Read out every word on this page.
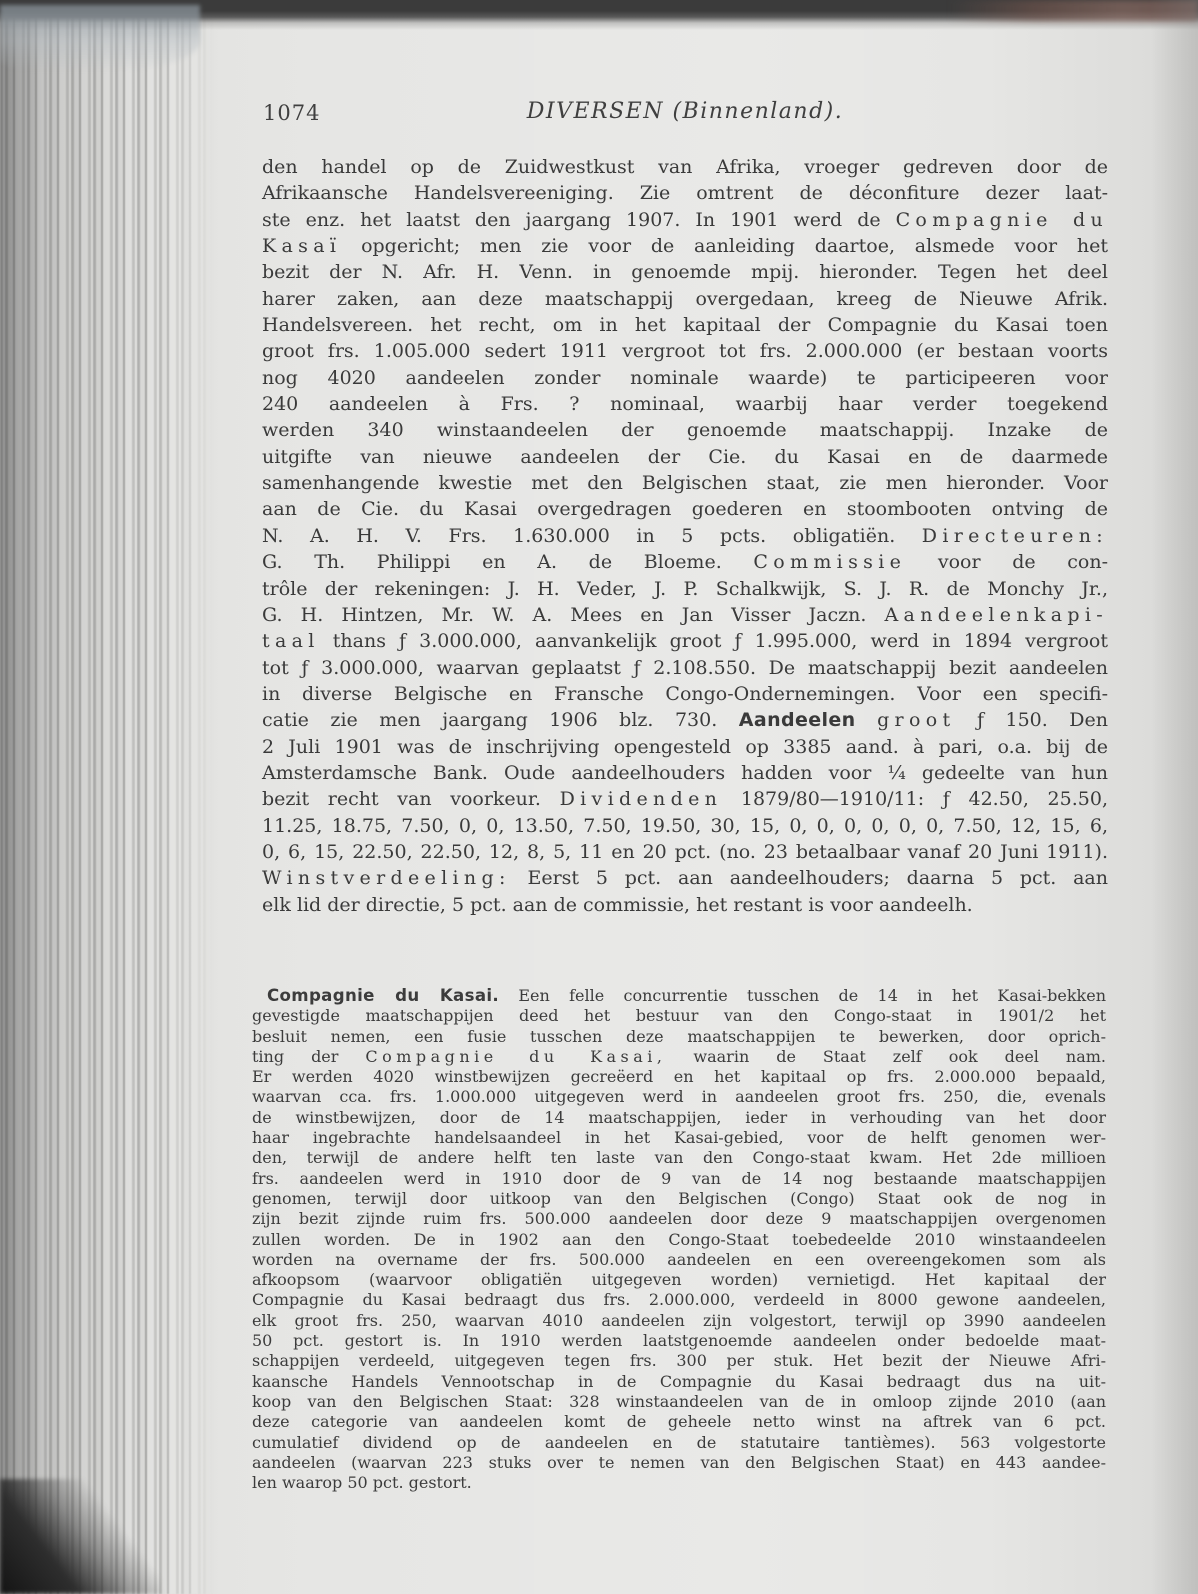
1074	DIVERSEN (Binnenland).
den handel op de Zuidwestkust van Afrika, vroeger gedreven door de
Afrikaansche Handelsvereeniging. Zie omtrent de déconfiture dezer laat-
ste enz. het laatst den jaargang 1907. In 1901 werd de Compagnie du
Kasaï opgericht; men zie voor de aanleiding daartoe, alsmede voor het
bezit der N. Afr. H. Venn. in genoemde mpij. hieronder. Tegen het deel
harer zaken, aan deze maatschappij overgedaan, kreeg de Nieuwe Afrik.
Handelsvereen. het recht, om in het kapitaal der Compagnie du Kasai toen
groot frs. 1.005.000 sedert 1911 vergroot tot frs. 2.000.000 (er bestaan voorts
nog 4020 aandeelen zonder nominale waarde) te participeeren voor
240 aandeelen à Frs. ? nominaal, waarbij haar verder toegekend
werden 340 winstaandeelen der genoemde maatschappij. Inzake de
uitgifte van nieuwe aandeelen der Cie. du Kasai en de daarmede
samenhangende kwestie met den Belgischen staat, zie men hieronder. Voor
aan de Cie. du Kasai overgedragen goederen en stoombooten ontving de
N. A. H. V. Frs. 1.630.000 in 5 pcts. obligatiën. Directeuren:
G. Th. Philippi en A. de Bloeme. Commissie voor de con-
trôle der rekeningen: J. H. Veder, J. P. Schalkwijk, S. J. R. de Monchy Jr.,
G. H. Hintzen, Mr. W. A. Mees en Jan Visser Jaczn. Aandeelenkapi-
taal thans ƒ 3.000.000, aanvankelijk groot ƒ 1.995.000, werd in 1894 vergroot
tot ƒ 3.000.000, waarvan geplaatst ƒ 2.108.550. De maatschappij bezit aandeelen
in diverse Belgische en Fransche Congo-Ondernemingen. Voor een specifi-
catie zie men jaargang 1906 blz. 730. Aandeelen groot ƒ 150. Den
2 Juli 1901 was de inschrijving opengesteld op 3385 aand. à pari, o.a. bij de
Amsterdamsche Bank. Oude aandeelhouders hadden voor ¼ gedeelte van hun
bezit recht van voorkeur. Dividenden 1879/80—1910/11: ƒ 42.50, 25.50,
11.25, 18.75, 7.50, 0, 0, 13.50, 7.50, 19.50, 30, 15, 0, 0, 0, 0, 0, 0, 7.50, 12, 15, 6,
0, 6, 15, 22.50, 22.50, 12, 8, 5, 11 en 20 pct. (no. 23 betaalbaar vanaf 20 Juni 1911).
Winstverdeeling: Eerst 5 pct. aan aandeelhouders; daarna 5 pct. aan
elk lid der directie, 5 pct. aan de commissie, het restant is voor aandeelh.
Compagnie du Kasai. Een felle concurrentie tusschen de 14 in het Kasai-bekken
gevestigde maatschappijen deed het bestuur van den Congo-staat in 1901/2 het
besluit nemen, een fusie tusschen deze maatschappijen te bewerken, door oprich-
ting der Compagnie du Kasai, waarin de Staat zelf ook deel nam.
Er werden 4020 winstbewijzen gecreëerd en het kapitaal op frs. 2.000.000 bepaald,
waarvan cca. frs. 1.000.000 uitgegeven werd in aandeelen groot frs. 250, die, evenals
de winstbewijzen, door de 14 maatschappijen, ieder in verhouding van het door
haar ingebrachte handelsaandeel in het Kasai-gebied, voor de helft genomen wer-
den, terwijl de andere helft ten laste van den Congo-staat kwam. Het 2de millioen
frs. aandeelen werd in 1910 door de 9 van de 14 nog bestaande maatschappijen
genomen, terwijl door uitkoop van den Belgischen (Congo) Staat ook de nog in
zijn bezit zijnde ruim frs. 500.000 aandeelen door deze 9 maatschappijen overgenomen
zullen worden. De in 1902 aan den Congo-Staat toebedeelde 2010 winstaandeelen
worden na overname der frs. 500.000 aandeelen en een overeengekomen som als
afkoopsom (waarvoor obligatiën uitgegeven worden) vernietigd. Het kapitaal der
Compagnie du Kasai bedraagt dus frs. 2.000.000, verdeeld in 8000 gewone aandeelen,
elk groot frs. 250, waarvan 4010 aandeelen zijn volgestort, terwijl op 3990 aandeelen
50 pct. gestort is. In 1910 werden laatstgenoemde aandeelen onder bedoelde maat-
schappijen verdeeld, uitgegeven tegen frs. 300 per stuk. Het bezit der Nieuwe Afri-
kaansche Handels Vennootschap in de Compagnie du Kasai bedraagt dus na uit-
koop van den Belgischen Staat: 328 winstaandeelen van de in omloop zijnde 2010 (aan
deze categorie van aandeelen komt de geheele netto winst na aftrek van 6 pct.
cumulatief dividend op de aandeelen en de statutaire tantièmes). 563 volgestorte
aandeelen (waarvan 223 stuks over te nemen van den Belgischen Staat) en 443 aandee-
len waarop 50 pct. gestort.
